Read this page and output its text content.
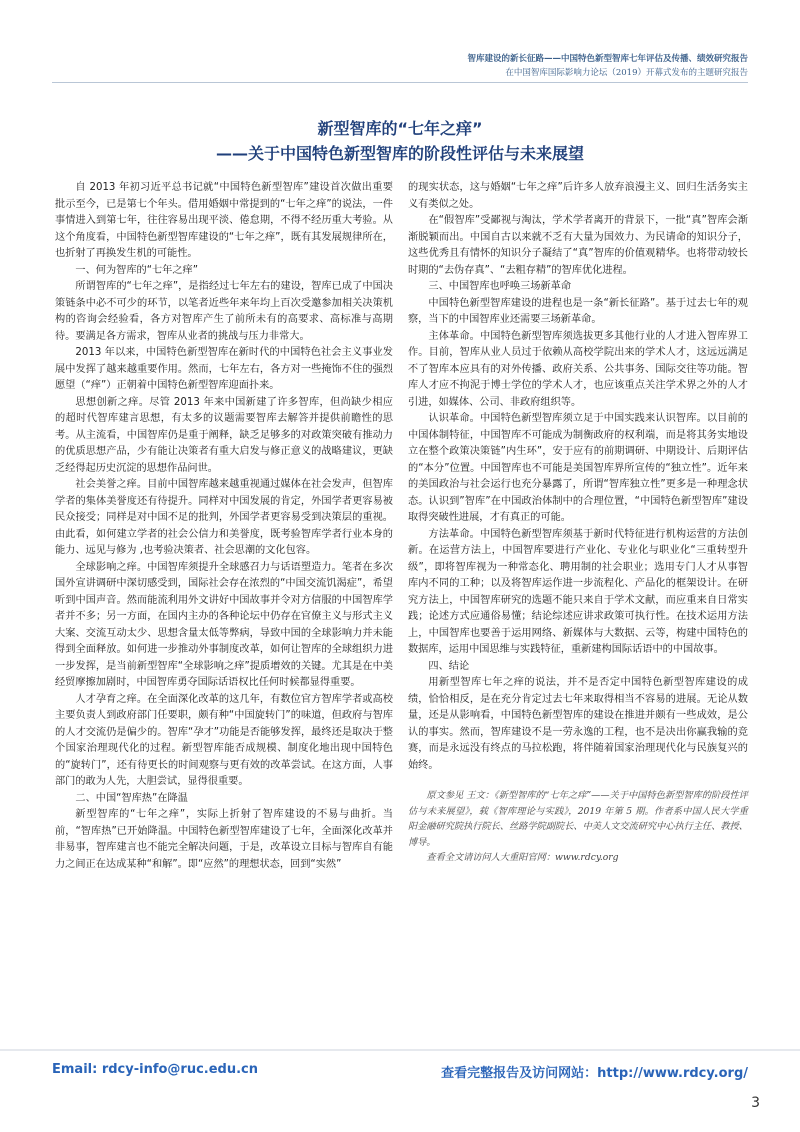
智库建设的新长征路——中国特色新型智库七年评估及传播、绩效研究报告
在中国智库国际影响力论坛（2019）开幕式发布的主题研究报告
新型智库的“七年之痒”
——关于中国特色新型智库的阶段性评估与未来展望

自 2013 年初习近平总书记就“中国特色新型智库”建设首次做出重要批示至今，已是第七个年头。借用婚姻中常提到的“七年之痒”的说法，一件事情进入到第七年，往往容易出现平淡、倦怠期，不得不经历重大考验。从这个角度看，中国特色新型智库建设的“七年之痒”，既有其发展规律所在，也折射了再换发生机的可能性。

一、何为智库的“七年之痒”

所谓智库的“七年之痒”，是指经过七年左右的建设，智库已成了中国决策链条中必不可少的环节，以笔者近些年来年均上百次受邀参加相关决策机构的咨询会经验看，各方对智库产生了前所未有的高要求、高标准与高期待。要满足各方需求，智库从业者的挑战与压力非常大。

2013 年以来，中国特色新型智库在新时代的中国特色社会主义事业发展中发挥了越来越重要作用。然而，七年左右，各方对一些掩饰不住的强烈愿望（“痒”）正朝着中国特色新型智库迎面扑来。

思想创新之痒。尽管 2013 年来中国新建了许多智库，但尚缺少相应的超时代智库建言思想，有太多的议题需要智库去解答并提供前瞻性的思考。从主流看，中国智库仍是重于阐释，缺乏足够多的对政策突破有推动力的优质思想产品，少有能让决策者有重大启发与修正意义的战略建议，更缺乏经得起历史沉淀的思想作品问世。

社会美誉之痒。目前中国智库越来越重视通过媒体在社会发声，但智库学者的集体美誉度还有待提升。同样对中国发展的肯定，外国学者更容易被民众接受；同样是对中国不足的批判，外国学者更容易受到决策层的重视。由此看，如何建立学者的社会公信力和美誉度，既考验智库学者行业本身的能力、远见与修为 ,也考验决策者、社会思潮的文化包容。

全球影响之痒。中国智库须提升全球感召力与话语塑造力。笔者在多次国外宣讲调研中深切感受到，国际社会存在浓烈的“中国交流饥渴症”，希望听到中国声音。然而能流利用外文讲好中国故事并令对方信服的中国智库学者并不多；另一方面，在国内主办的各种论坛中仍存在官僚主义与形式主义大案、交流互动太少、思想含量太低等弊病，导致中国的全球影响力并未能得到全面释放。如何进一步推动外事制度改革，如何让智库的全球组织力进一步发挥，是当前新型智库“全球影响之痒”提质增效的关键。尤其是在中美经贸摩擦加剧时，中国智库勇夺国际话语权比任何时候都显得重要。

人才孕育之痒。在全面深化改革的这几年，有数位官方智库学者或高校主要负责人到政府部门任要职，颇有种“中国旋转门”的味道，但政府与智库的人才交流仍是偏少的。智库“孕才”功能是否能够发挥，最终还是取决于整个国家治理现代化的过程。新型智库能否成规模、制度化地出现中国特色的“旋转门”，还有待更长的时间观察与更有效的改革尝试。在这方面，人事部门的敢为人先，大胆尝试，显得很重要。

二、中国“智库热”在降温

新型智库的“七年之痒”，实际上折射了智库建设的不易与曲折。当前，“智库热”已开始降温。中国特色新型智库建设了七年，全面深化改革并非易事，智库建言也不能完全解决问题，于是，改革设立目标与智库自有能力之间正在达成某种“和解”。即“应然”的理想状态，回到“实然”

的现实状态，这与婚姻“七年之痒”后许多人放弃浪漫主义、回归生活务实主义有类似之处。

在“假智库”受鄙视与淘汰，学术学者离开的背景下，一批“真”智库会渐渐脱颖而出。中国自古以来就不乏有大量为国效力、为民请命的知识分子，这些优秀且有情怀的知识分子凝结了“真”智库的价值观精华。也将带动较长时期的“去伪存真”、“去粗存精”的智库优化进程。

三、中国智库也呼唤三场新革命

中国特色新型智库建设的进程也是一条“新长征路”。基于过去七年的观察，当下的中国智库业还需要三场新革命。

主体革命。中国特色新型智库须选拔更多其他行业的人才进入智库界工作。目前，智库从业人员过于依赖从高校学院出来的学术人才，这远远满足不了智库本应具有的对外传播、政府关系、公共事务、国际交往等功能。智库人才应不拘泥于博士学位的学术人才，也应该重点关注学术界之外的人才引进，如媒体、公司、非政府组织等。

认识革命。中国特色新型智库须立足于中国实践来认识智库。以目前的中国体制特征，中国智库不可能成为制衡政府的权利端，而是将其务实地设立在整个政策决策链”内生环”，安于应有的前期调研、中期设计、后期评估的“本分”位置。中国智库也不可能是美国智库界所宣传的“独立性”。近年来的美国政治与社会运行也充分暴露了，所谓“智库独立性”更多是一种理念状态。认识到”智库”在中国政治体制中的合理位置，“中国特色新型智库”建设取得突破性进展，才有真正的可能。

方法革命。中国特色新型智库须基于新时代特征进行机构运营的方法创新。在运营方法上，中国智库要进行产业化、专业化与职业化“三重转型升级”，即将智库视为一种常态化、聘用制的社会职业；选用专门人才从事智库内不同的工种；以及将智库运作进一步流程化、产品化的框架设计。在研究方法上，中国智库研究的选题不能只来自于学术文献，而应重来自日常实践；论述方式应通俗易懂；结论综述应讲求政策可执行性。在技术运用方法上，中国智库也要善于运用网络、新媒体与大数据、云等，构建中国特色的数据库，运用中国思维与实践特征，重新建构国际话语中的中国故事。

四、结论

用新型智库七年之痒的说法，并不是否定中国特色新型智库建设的成绩，恰恰相反，是在充分肯定过去七年来取得相当不容易的进展。无论从数量，还是从影响看，中国特色新型智库的建设在推进并颇有一些成效，是公认的事实。然而，智库建设不是一劳永逸的工程，也不是决出你赢我输的竞赛，而是永远没有终点的马拉松跑，将伴随着国家治理现代化与民族复兴的始终。

原文参见 王文：《新型智库的“七年之痒”——关于中国特色新型智库的阶段性评估与未来展望》，载《智库理论与实践》，2019 年第 5 期。作者系中国人民大学重阳金融研究院执行院长、丝路学院副院长、中美人文交流研究中心执行主任、教授、博导。

查看全文请访问人大重阳官网：www.rdcy.org

Email: rdcy-info@ruc.edu.cn	查看完整报告及访问网站：http://www.rdcy.org/
3
